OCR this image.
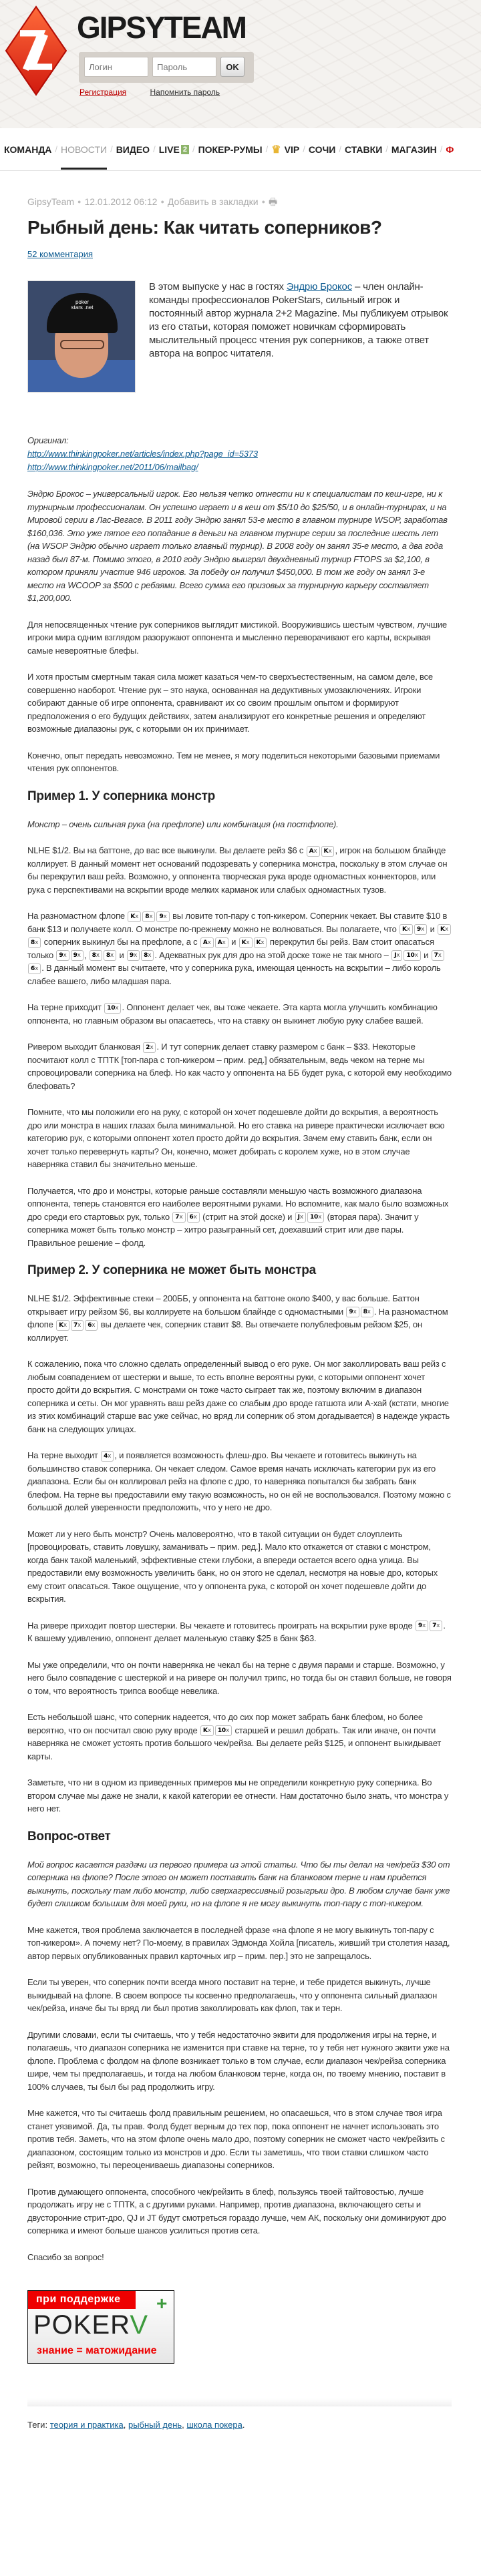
GIPSYTEAM
Логин
OK
Регистрация	Напомнить пароль
КОМАНДА / НОВОСТИ / ВИДЕО / LIVE 2 / ПОКЕР-РУМЫ / ♛ VIP / СОЧИ / СТАВКИ / МАГАЗИН / Ф
GipsyTeam ● 12.01.2012 06:12 ● Добавить в закладки ● 🖶
Рыбный день: Как читать соперников?
52 комментария
poker stars .net
В этом выпуске у нас в гостях Эндрю Брокос – член онлайн-команды профессионалов PokerStars, сильный игрок и постоянный автор журнала 2+2 Magazine. Мы публикуем отрывок из его статьи, которая поможет новичкам сформировать мыслительный процесс чтения рук соперников, а также ответ автора на вопрос читателя.

Оригинал:

http://www.thinkingpoker.net/articles/index.php?page_id=5373

http://www.thinkingpoker.net/2011/06/mailbag/

Эндрю Брокос – универсальный игрок. Его нельзя четко отнести ни к специалистам по кеш-игре, ни к турнирным профессионалам. Он успешно играет и в кеш от $5/10 до $25/50, и в онлайн-турнирах, и на Мировой серии в Лас-Вегасе. В 2011 году Эндрю занял 53-е место в главном турнире WSOP, заработав $160,036. Это уже пятое его попадание в деньги на главном турнире серии за последние шесть лет (на WSOP Эндрю обычно играет только главный турнир). В 2008 году он занял 35-е место, а два года назад был 87-м. Помимо этого, в 2010 году Эндрю выиграл двухдневный турнир FTOPS за $2,100, в котором приняли участие 946 игроков. За победу он получил $450,000. В том же году он занял 3-е место на WCOOP за $500 с ребаями. Всего сумма его призовых за турнирную карьеру составляет $1,200,000.

Для непосвященных чтение рук соперников выглядит мистикой. Вооружившись шестым чувством, лучшие игроки мира одним взглядом разоружают оппонента и мысленно переворачивают его карты, вскрывая самые невероятные блефы.

И хотя простым смертным такая сила может казаться чем-то сверхъестественным, на самом деле, все совершенно наоборот. Чтение рук – это наука, основанная на дедуктивных умозаключениях. Игроки собирают данные об игре оппонента, сравнивают их со своим прошлым опытом и формируют предположения о его будущих действиях, затем анализируют его конкретные решения и определяют возможные диапазоны рук, с которыми он их принимает.

Конечно, опыт передать невозможно. Тем не менее, я могу поделиться некоторыми базовыми приемами чтения рук оппонентов.

Пример 1. У соперника монстр

Монстр – очень сильная рука (на префлопе) или комбинация (на постфлопе).

NLHE $1/2. Вы на баттоне, до вас все выкинули. Вы делаете рейз $6 с Ax Kx , игрок на большом блайнде коллирует. В данный момент нет оснований подозревать у соперника монстра, поскольку в этом случае он бы перекрутил ваш рейз. Возможно, у оппонента творческая рука вроде одномастных коннекторов, или рука с перспективами на вскрытии вроде мелких карманок или слабых одномастных тузов.

На разномастном флопе Kx 8x 9x вы ловите топ-пару с топ-кикером. Соперник чекает. Вы ставите $10 в банк $13 и получаете колл. О монстре по-прежнему можно не волноваться. Вы полагаете, что Kx 9x и Kx8x соперник выкинул бы на префлопе, а с Ax Ax и Kx Kx перекрутил бы рейз. Вам стоит опасаться только 9x 9x , 8x 8x и 9x 8x . Адекватных рук для дро на этой доске тоже не так много – Jx 10x и 7x6x . В данный момент вы считаете, что у соперника рука, имеющая ценность на вскрытии – либо король слабее вашего, либо младшая пара.

На терне приходит 10x . Оппонент делает чек, вы тоже чекаете. Эта карта могла улучшить комбинацию оппонента, но главным образом вы опасаетесь, что на ставку он выкинет любую руку слабее вашей.

Ривером выходит бланковая 2x . И тут соперник делает ставку размером с банк – $33. Некоторые посчитают колл с ТПТК [топ-пара с топ-кикером – прим. ред.] обязательным, ведь чеком на терне мы спровоцировали соперника на блеф. Но как часто у оппонента на ББ будет рука, с которой ему необходимо блефовать?

Помните, что мы положили его на руку, с которой он хочет подешевле дойти до вскрытия, а вероятность дро или монстра в наших глазах была минимальной. Но его ставка на ривере практически исключает всю категорию рук, с которыми оппонент хотел просто дойти до вскрытия. Зачем ему ставить банк, если он хочет только перевернуть карты? Он, конечно, может добирать с королем хуже, но в этом случае наверняка ставил бы значительно меньше.

Получается, что дро и монстры, которые раньше составляли меньшую часть возможного диапазона оппонента, теперь становятся его наиболее вероятными руками. Но вспомните, как мало было возможных дро среди его стартовых рук, только 7x 6x (стрит на этой доске) и Jx 10x (вторая пара). Значит у соперника может быть только монстр – хитро разыгранный сет, доехавший стрит или две пары. Правильное решение – фолд.

Пример 2. У соперника не может быть монстра

NLHE $1/2. Эффективные стеки – 200ББ, у оппонента на баттоне около $400, у вас больше. Баттон открывает игру рейзом $6, вы коллируете на большом блайнде с одномастными 9x 8x . На разномастном флопе Kx 7x 6x вы делаете чек, соперник ставит $8. Вы отвечаете полублефовым рейзом $25, он коллирует.

К сожалению, пока что сложно сделать определенный вывод о его руке. Он мог заколлировать ваш рейз с любым совпадением от шестерки и выше, то есть вполне вероятны руки, с которыми оппонент хочет просто дойти до вскрытия. С монстрами он тоже часто сыграет так же, поэтому включим в диапазон соперника и сеты. Он мог уравнять ваш рейз даже со слабым дро вроде гатшота или А-хай (кстати, многие из этих комбинаций старше вас уже сейчас, но вряд ли соперник об этом догадывается) в надежде украсть банк на следующих улицах.

На терне выходит 4x , и появляется возможность флеш-дро. Вы чекаете и готовитесь выкинуть на большинство ставок соперника. Он чекает следом. Самое время начать исключать категории рук из его диапазона. Если бы он коллировал рейз на флопе с дро, то наверняка попытался бы забрать банк блефом. На терне вы предоставили ему такую возможность, но он ей не воспользовался. Поэтому можно с большой долей уверенности предположить, что у него не дро.

Может ли у него быть монстр? Очень маловероятно, что в такой ситуации он будет слоуплеить [провоцировать, ставить ловушку, заманивать – прим. ред.]. Мало кто откажется от ставки с монстром, когда банк такой маленький, эффективные стеки глубоки, а впереди остается всего одна улица. Вы предоставили ему возможность увеличить банк, но он этого не сделал, несмотря на новые дро, которых ему стоит опасаться. Такое ощущение, что у оппонента рука, с которой он хочет подешевле дойти до вскрытия.

На ривере приходит повтор шестерки. Вы чекаете и готовитесь проиграть на вскрытии руке вроде 9x 7x . К вашему удивлению, оппонент делает маленькую ставку $25 в банк $63.

Мы уже определили, что он почти наверняка не чекал бы на терне с двумя парами и старше. Возможно, у него было совпадение с шестеркой и на ривере он получил трипс, но тогда бы он ставил больше, не говоря о том, что вероятность трипса вообще невелика.

Есть небольшой шанс, что соперник надеется, что до сих пор может забрать банк блефом, но более вероятно, что он посчитал свою руку вроде Kx 10x старшей и решил добрать. Так или иначе, он почти наверняка не сможет устоять против большого чек/рейза. Вы делаете рейз $125, и оппонент выкидывает карты.

Заметьте, что ни в одном из приведенных примеров мы не определили конкретную руку соперника. Во втором случае мы даже не знали, к какой категории ее отнести. Нам достаточно было знать, что монстра у него нет.

Вопрос-ответ

Мой вопрос касается раздачи из первого примера из этой статьи. Что бы ты делал на чек/рейз $30 от соперника на флопе? После этого он может поставить банк на бланковом терне и нам придется выкинуть, поскольку там либо монстр, либо сверхагрессивный розыгрыш дро. В любом случае банк уже будет слишком большим для моей руки, но на флопе я не могу выкинуть топ-пару с топ-кикером.

Мне кажется, твоя проблема заключается в последней фразе «на флопе я не могу выкинуть топ-пару с топ-кикером». А почему нет? По-моему, в правилах Эдмонда Хойла [писатель, живший три столетия назад, автор первых опубликованных правил карточных игр – прим. пер.] это не запрещалось.

Если ты уверен, что соперник почти всегда много поставит на терне, и тебе придется выкинуть, лучше выкидывай на флопе. В своем вопросе ты косвенно предполагаешь, что у оппонента сильный диапазон чек/рейза, иначе бы ты вряд ли был против заколлировать как флоп, так и терн.

Другими словами, если ты считаешь, что у тебя недостаточно эквити для продолжения игры на терне, и полагаешь, что диапазон соперника не изменится при ставке на терне, то у тебя нет нужного эквити уже на флопе. Проблема с фолдом на флопе возникает только в том случае, если диапазон чек/рейза соперника шире, чем ты предполагаешь, и тогда на любом бланковом терне, когда он, по твоему мнению, поставит в 100% случаев, ты был бы рад продолжить игру.

Мне кажется, что ты считаешь фолд правильным решением, но опасаешься, что в этом случае твоя игра станет уязвимой. Да, ты прав. Фолд будет верным до тех пор, пока оппонент не начнет использовать это против тебя. Заметь, что на этом флопе очень мало дро, поэтому соперник не сможет часто чек/рейзить с диапазоном, состоящим только из монстров и дро. Если ты заметишь, что твои ставки слишком часто рейзят, возможно, ты переоцениваешь диапазоны соперников.

Против думающего оппонента, способного чек/рейзить в блеф, пользуясь твоей тайтовостью, лучше продолжать игру не с ТПТК, а с другими руками. Например, против диапазона, включающего сеты и двусторонние стрит-дро, QJ и JT будут смотреться гораздо лучше, чем АК, поскольку они доминируют дро соперника и имеют больше шансов усилиться против сета.

Спасибо за вопрос!

при поддержке
POKERV
+
знание = матожидание
Теги: теория и практика, рыбный день, школа покера.
